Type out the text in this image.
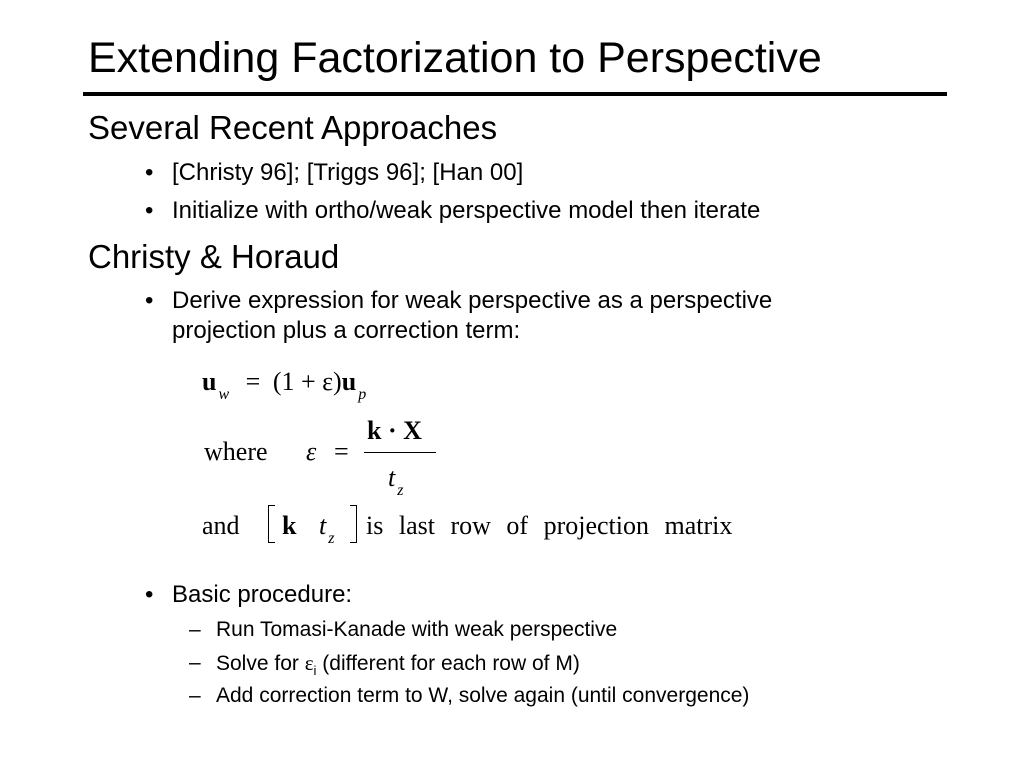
Extending Factorization to Perspective
Several Recent Approaches
• [Christy 96]; [Triggs 96]; [Han 00]
• Initialize with ortho/weak perspective model then iterate
Christy & Horaud
• Derive expression for weak perspective as a perspective
projection plus a correction term:
u $_w$ = (1 + ε)u $_p$
where ε =
k · X
t $_z$
and k t $_z$ is last row of projection matrix
• Basic procedure:
– Run Tomasi-Kanade with weak perspective
– Solve for $\varepsilon_i$ (different for each row of M)
– Add correction term to W, solve again (until convergence)
